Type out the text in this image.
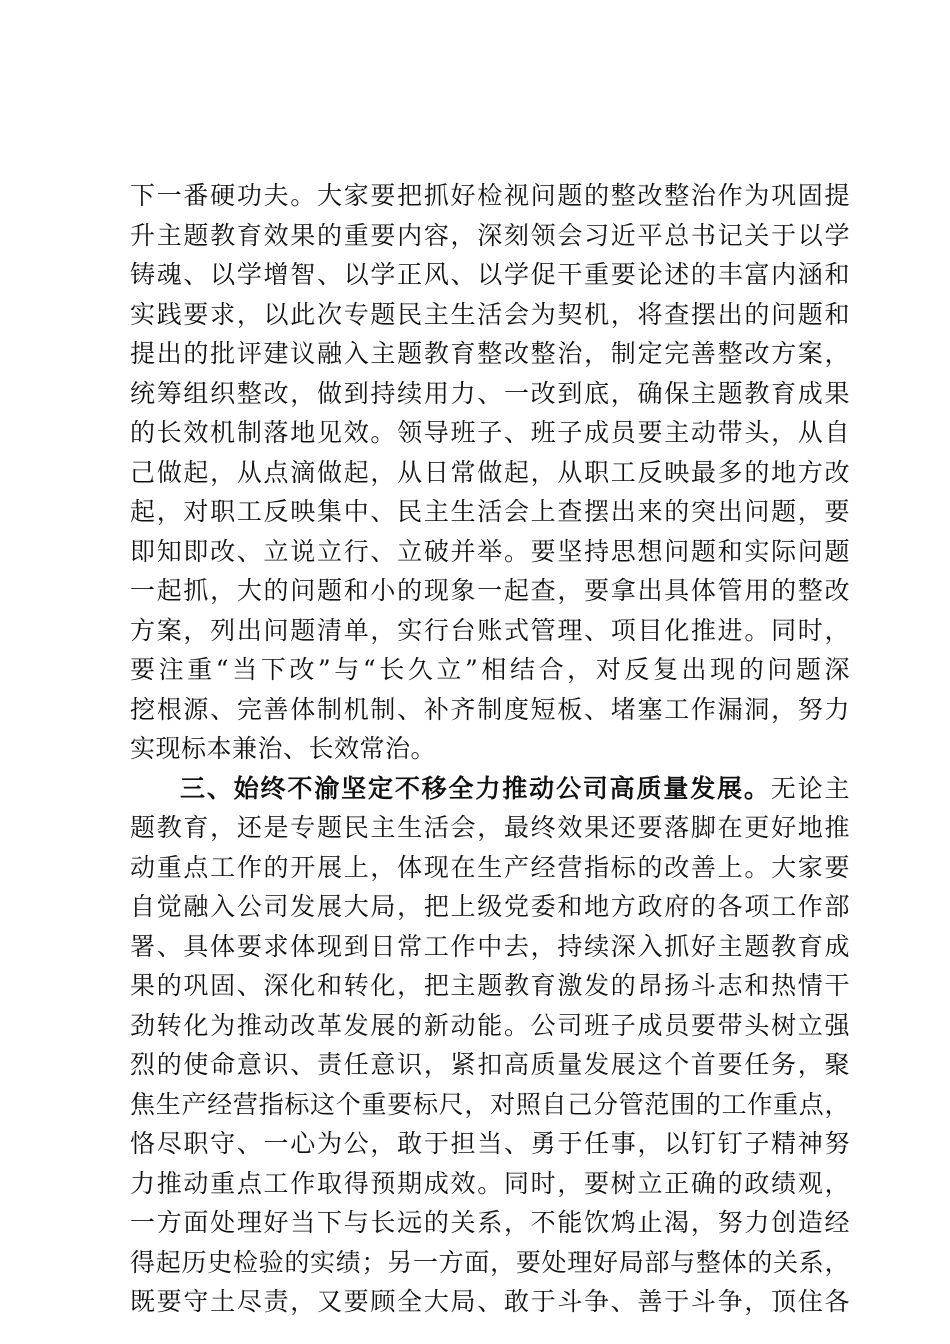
下一番硬功夫。大家要把抓好检视问题的整改整治作为巩固提
升主题教育效果的重要内容，深刻领会习近平总书记关于以学
铸魂、以学增智、以学正风、以学促干重要论述的丰富内涵和
实践要求，以此次专题民主生活会为契机，将查摆出的问题和
提出的批评建议融入主题教育整改整治，制定完善整改方案，
统筹组织整改，做到持续用力、一改到底，确保主题教育成果
的长效机制落地见效。领导班子、班子成员要主动带头，从自
己做起，从点滴做起，从日常做起，从职工反映最多的地方改
起，对职工反映集中、民主生活会上查摆出来的突出问题，要
即知即改、立说立行、立破并举。要坚持思想问题和实际问题
一起抓，大的问题和小的现象一起查，要拿出具体管用的整改
方案，列出问题清单，实行台账式管理、项目化推进。同时，
要注重“当下改”与“长久立”相结合，对反复出现的问题深
挖根源、完善体制机制、补齐制度短板、堵塞工作漏洞，努力
实现标本兼治、长效常治。
三、始终不渝坚定不移全力推动公司高质量发展。无论主
题教育，还是专题民主生活会，最终效果还要落脚在更好地推
动重点工作的开展上，体现在生产经营指标的改善上。大家要
自觉融入公司发展大局，把上级党委和地方政府的各项工作部
署、具体要求体现到日常工作中去，持续深入抓好主题教育成
果的巩固、深化和转化，把主题教育激发的昂扬斗志和热情干
劲转化为推动改革发展的新动能。公司班子成员要带头树立强
烈的使命意识、责任意识，紧扣高质量发展这个首要任务，聚
焦生产经营指标这个重要标尺，对照自己分管范围的工作重点，
恪尽职守、一心为公，敢于担当、勇于任事，以钉钉子精神努
力推动重点工作取得预期成效。同时，要树立正确的政绩观，
一方面处理好当下与长远的关系，不能饮鸩止渴，努力创造经
得起历史检验的实绩；另一方面，要处理好局部与整体的关系，
既要守土尽责，又要顾全大局、敢于斗争、善于斗争，顶住各
